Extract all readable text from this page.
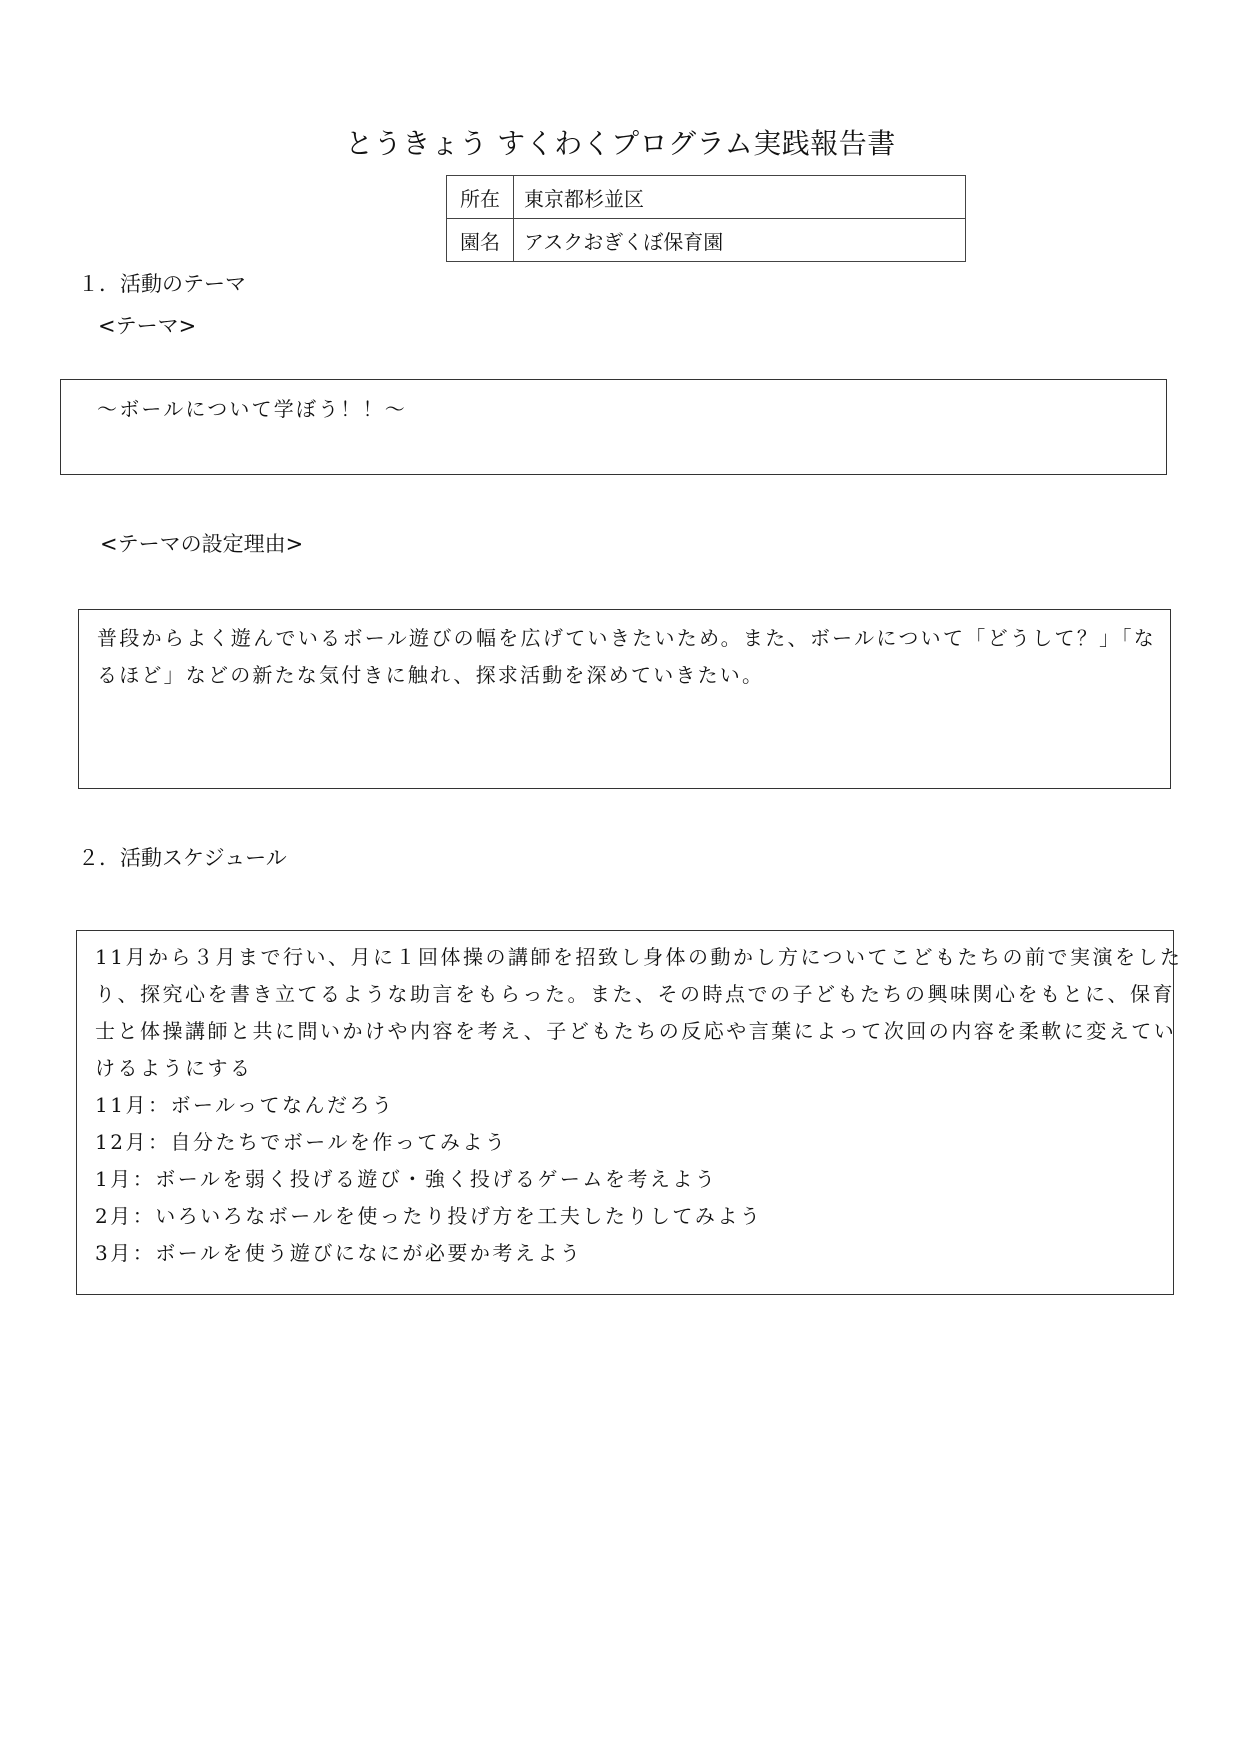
とうきょう すくわくプログラム実践報告書
所在	東京都杉並区
園名	アスクおぎくぼ保育園
１．活動のテーマ
<テーマ>

～ボールについて学ぼう！！～

<テーマの設定理由>

普段からよく遊んでいるボール遊びの幅を広げていきたいため。また、ボールについて「どうして？」「なるほど」などの新たな気付きに触れ、探求活動を深めていきたい。

２．活動スケジュール
11月から３月まで行い、月に１回体操の講師を招致し身体の動かし方についてこどもたちの前で実演をした
り、探究心を書き立てるような助言をもらった。また、その時点での子どもたちの興味関心をもとに、保育
士と体操講師と共に問いかけや内容を考え、子どもたちの反応や言葉によって次回の内容を柔軟に変えてい
けるようにする
11月：ボールってなんだろう
12月：自分たちでボールを作ってみよう
1月：ボールを弱く投げる遊び・強く投げるゲームを考えよう
2月：いろいろなボールを使ったり投げ方を工夫したりしてみよう
3月：ボールを使う遊びになにが必要か考えよう
